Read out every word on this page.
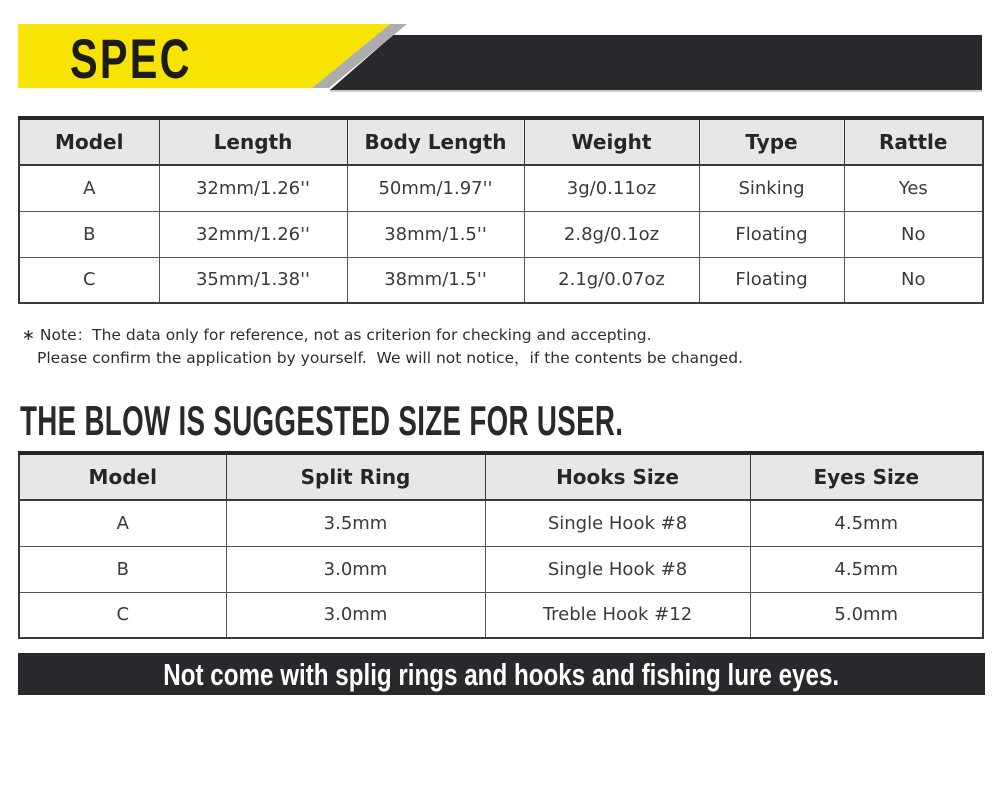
SPEC
Model	Length	Body Length	Weight	Type	Rattle
A	32mm/1.26''	50mm/1.97''	3g/0.11oz	Sinking	Yes
B	32mm/1.26''	38mm/1.5''	2.8g/0.1oz	Floating	No
C	35mm/1.38''	38mm/1.5''	2.1g/0.07oz	Floating	No
∗ Note：The data only for reference, not as criterion for checking and accepting.
Please confirm the application by yourself.  We will not notice，if the contents be changed.
THE BLOW IS SUGGESTED SIZE FOR USER.
Model	Split Ring	Hooks Size	Eyes Size
A	3.5mm	Single Hook #8	4.5mm
B	3.0mm	Single Hook #8	4.5mm
C	3.0mm	Treble Hook #12	5.0mm
Not come with splig rings and hooks and fishing lure eyes.
